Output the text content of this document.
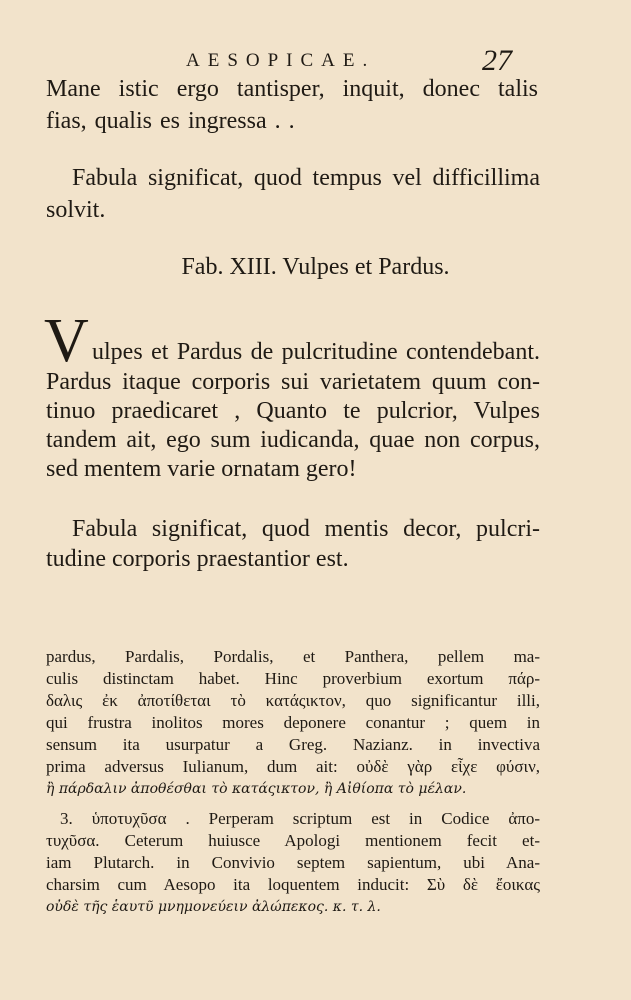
AESOPICAE.	27
Mane istic ergo tantisper, inquit, donec talis
fias, qualis es ingressa . .
Fabula significat, quod tempus vel difficillima
solvit.
Fab. XIII. Vulpes et Pardus.
V ulpes et Pardus de pulcritudine contendebant.
Pardus itaque corporis sui varietatem quum con-
tinuo praedicaret , Quanto te pulcrior, Vulpes
tandem ait, ego sum iudicanda, quae non corpus,
sed mentem varie ornatam gero!
Fabula significat, quod mentis decor, pulcri-
tudine corporis praestantior est.
pardus, Pardalis, Pordalis, et Panthera, pellem ma-
culis distinctam habet. Hinc proverbium exortum πάρ-
δαλις ἐκ ἀποτίθεται τὸ κατάςικτον, quo significantur illi,
qui frustra inolitos mores deponere conantur ; quem in
sensum ita usurpatur a Greg. Nazianz. in invectiva
prima adversus Iulianum, dum ait: οὐδὲ γὰρ εἶχε φύσιν,
ἢ πάρδαλιν ἀποθέσθαι τὸ κατάςικτον, ἢ Αἰθίοπα τὸ μέλαν.
3. ὑποτυχῦσα . Perperam scriptum est in Codice ἀπο-
τυχῦσα. Ceterum huiusce Apologi mentionem fecit et-
iam Plutarch. in Convivio septem sapientum, ubi Ana-
charsim cum Aesopo ita loquentem inducit: Σὺ δὲ ἔοικας
οὐδὲ τῆς ἑαυτῦ μνημονεύειν ἀλώπεκος. κ. τ. λ.
